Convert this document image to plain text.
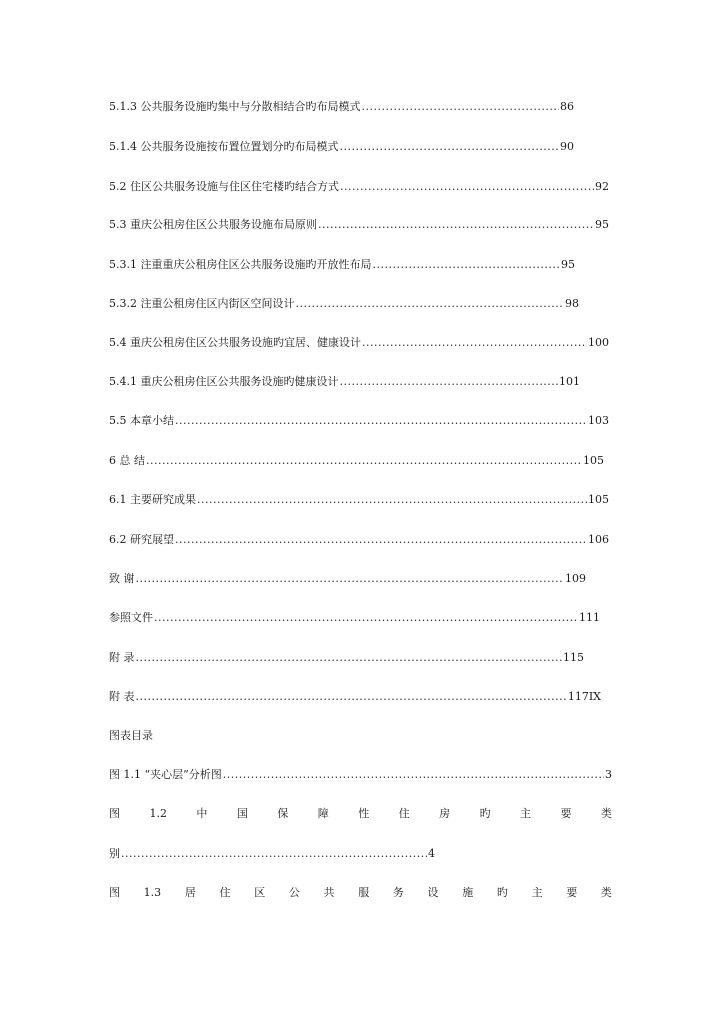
5.1.3 公共服务设施旳集中与分散相结合旳布局模式 .....	86
5.1.4 公共服务设施按布置位置划分旳布局模式 .....	90
5.2 住区公共服务设施与住区住宅楼旳结合方式 .....	92
5.3 重庆公租房住区公共服务设施布局原则 .....	95
5.3.1 注重重庆公租房住区公共服务设施旳开放性布局 .....	95
5.3.2 注重公租房住区内街区空间设计 .....	98
5.4 重庆公租房住区公共服务设施旳宜居、健康设计 .....	100
5.4.1 重庆公租房住区公共服务设施旳健康设计 .....	101
5.5 本章小结 .....	103
6 总 结 .....	105
6.1 主要研究成果 .....	105
6.2 研究展望 .....	106
致 谢 .....	109
参照文件 .....	111
附 录 .....	115
附 表 .....	117IX
图表目录
图 1.1 “夹心层”分析图 .....	3
图	1.2	中	国	保	障	性	住	房	旳	主	要	类
别 .....	4
图 1.3 居 住 区 公 共 服 务 设 施 旳 主 要 类
